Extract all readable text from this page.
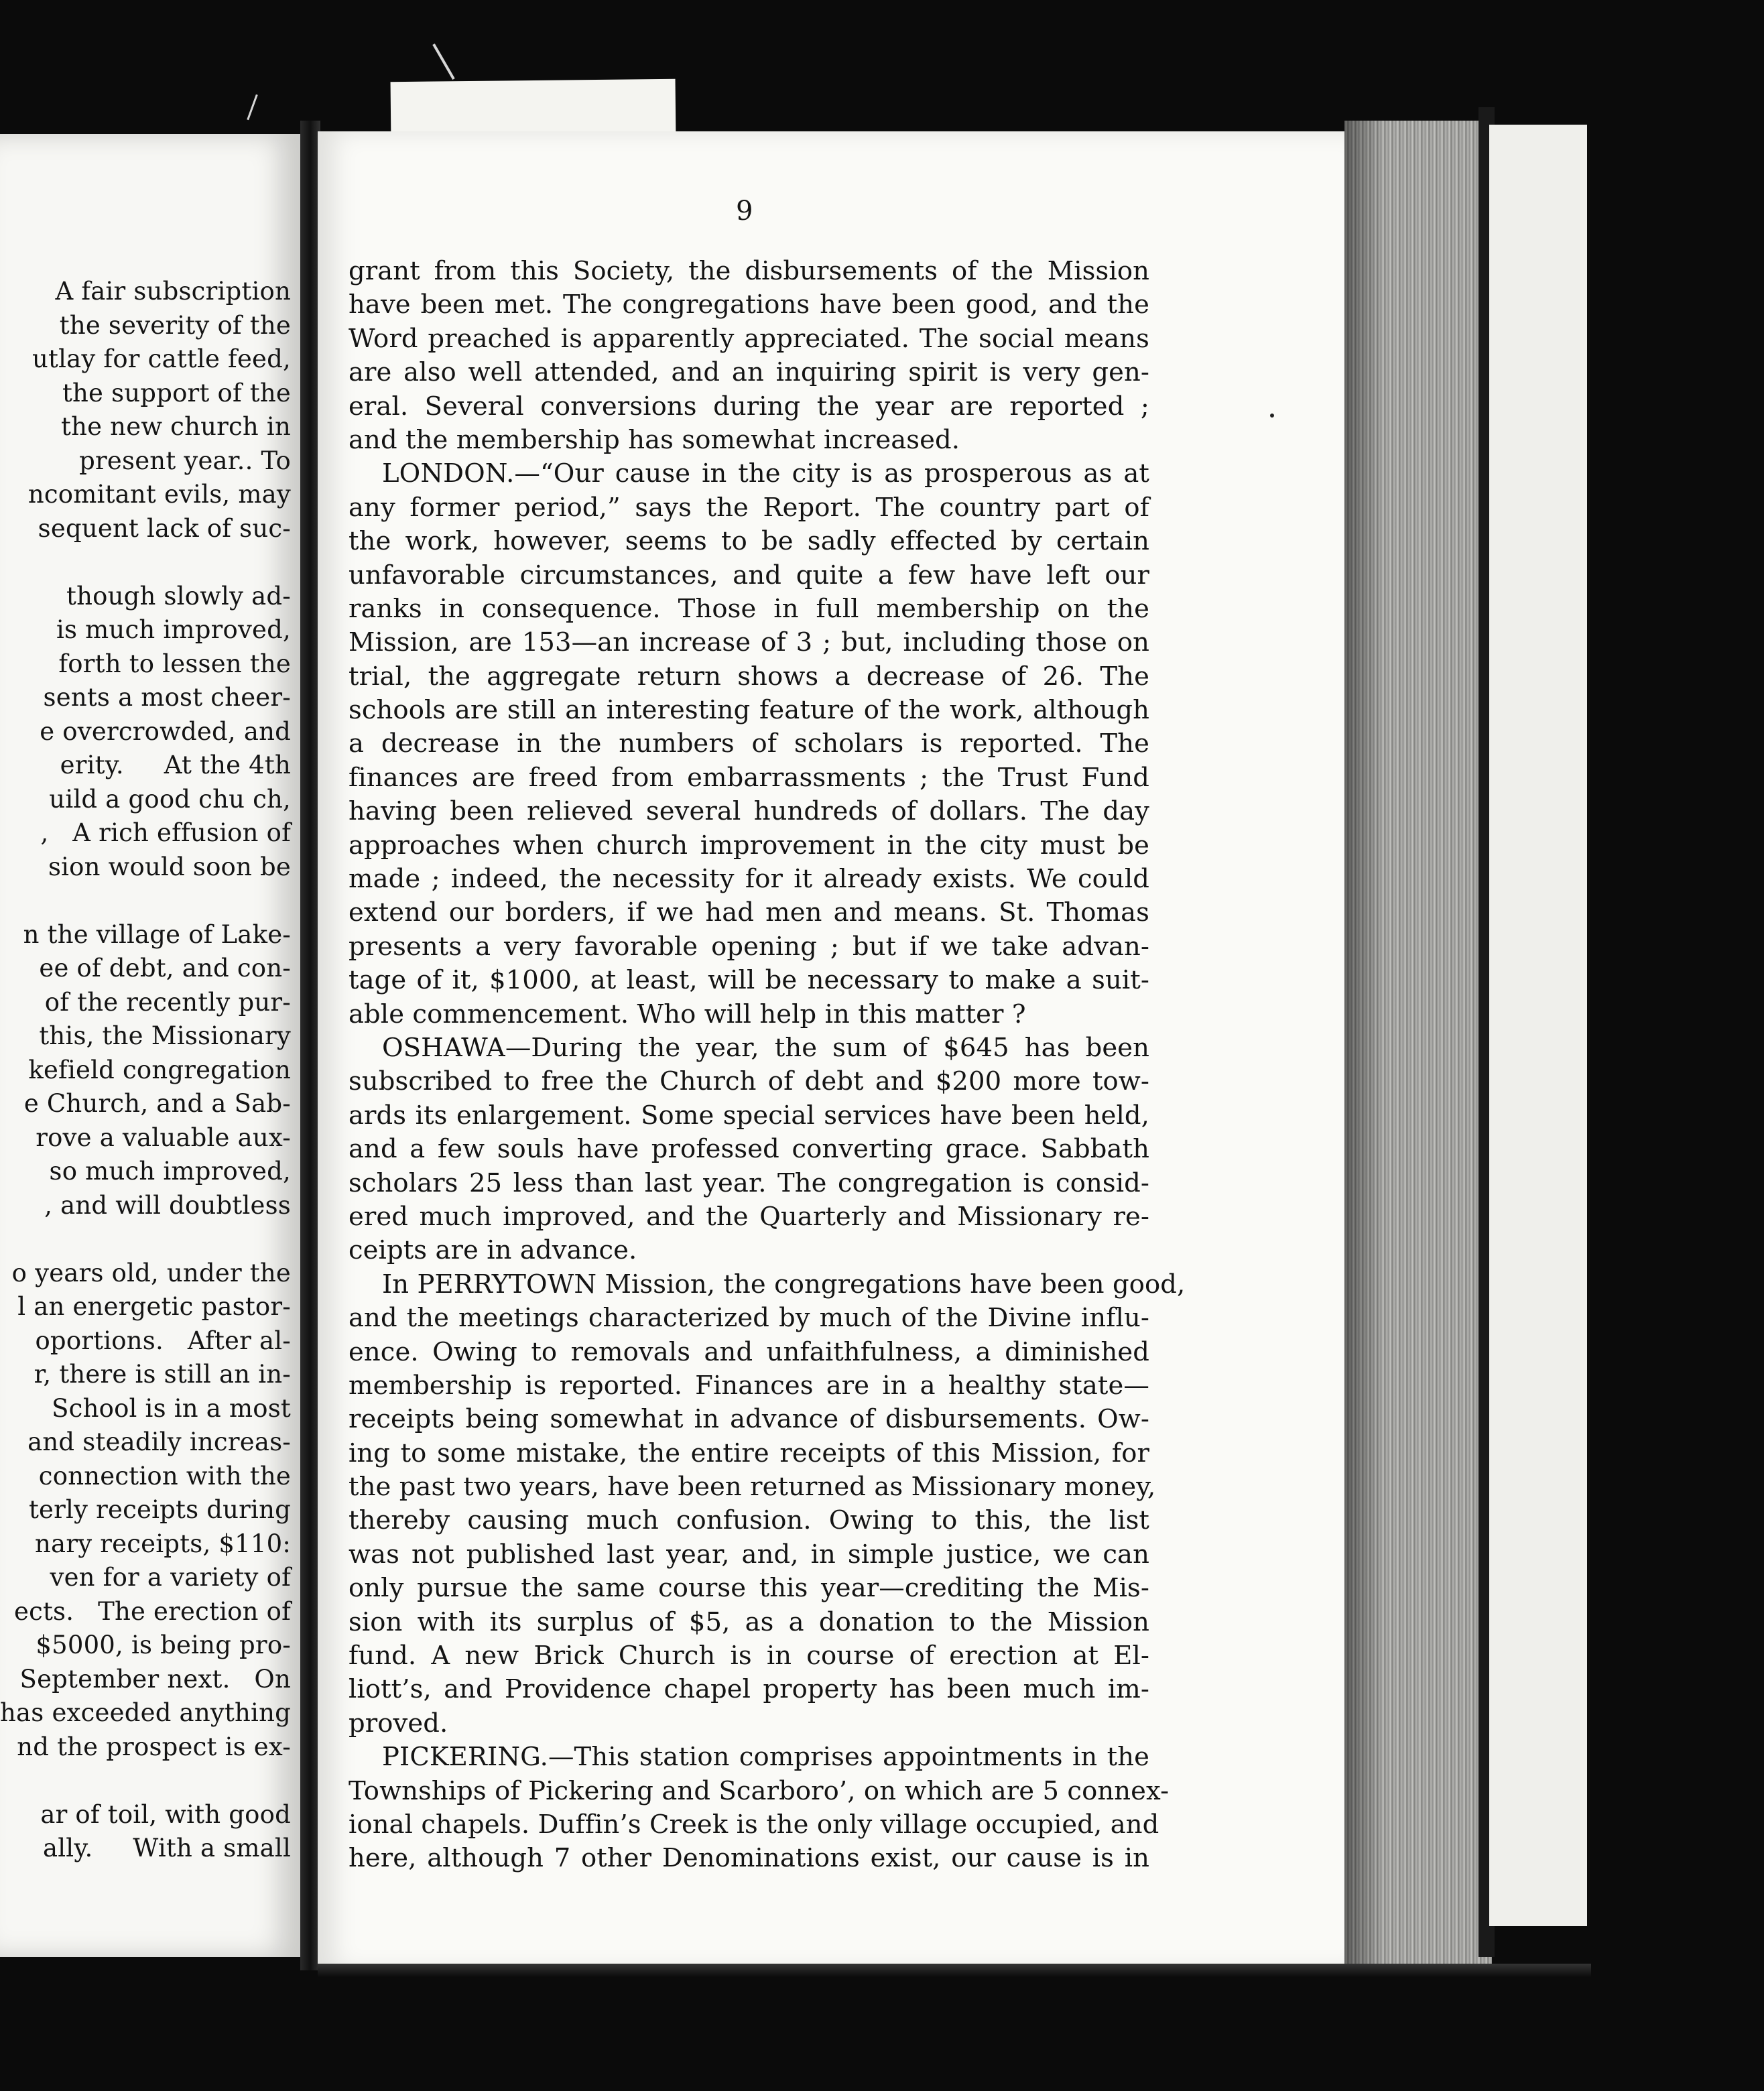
A fair subscription
the severity of the
utlay for cattle feed,
the support of the
the new church in
present year.. To
ncomitant evils, may
sequent lack of suc-
though slowly ad-
is much improved,
forth to lessen the
sents a most cheer-
e overcrowded, and
erity.     At the 4th
uild a good chu ch,
,   A rich effusion of
sion would soon be
n the village of Lake-
ee of debt, and con-
of the recently pur-
this, the Missionary
kefield congregation
e Church, and a Sab-
rove a valuable aux-
so much improved,
, and will doubtless
o years old, under the
l an energetic pastor-
oportions.   After al-
r, there is still an in-
School is in a most
and steadily increas-
connection with the
terly receipts during
nary receipts, $110:
ven for a variety of
ects.   The erection of
$5000, is being pro-
September next.   On
has exceeded anything
nd the prospect is ex-
ar of toil, with good
ally.     With a small
9
grant from this Society, the disbursements of the Mission
have been met. The congregations have been good, and the
Word preached is apparently appreciated. The social means
are also well attended, and an inquiring spirit is very gen-
eral. Several conversions during the year are reported ;
and the membership has somewhat increased.
LONDON.—“Our cause in the city is as prosperous as at
any former period,” says the Report. The country part of
the work, however, seems to be sadly effected by certain
unfavorable circumstances, and quite a few have left our
ranks in consequence. Those in full membership on the
Mission, are 153—an increase of 3 ; but, including those on
trial, the aggregate return shows a decrease of 26. The
schools are still an interesting feature of the work, although
a decrease in the numbers of scholars is reported. The
finances are freed from embarrassments ; the Trust Fund
having been relieved several hundreds of dollars. The day
approaches when church improvement in the city must be
made ; indeed, the necessity for it already exists. We could
extend our borders, if we had men and means. St. Thomas
presents a very favorable opening ; but if we take advan-
tage of it, $1000, at least, will be necessary to make a suit-
able commencement. Who will help in this matter ?
OSHAWA—During the year, the sum of $645 has been
subscribed to free the Church of debt and $200 more tow-
ards its enlargement. Some special services have been held,
and a few souls have professed converting grace. Sabbath
scholars 25 less than last year. The congregation is consid-
ered much improved, and the Quarterly and Missionary re-
ceipts are in advance.
In PERRYTOWN Mission, the congregations have been good,
and the meetings characterized by much of the Divine influ-
ence. Owing to removals and unfaithfulness, a diminished
membership is reported. Finances are in a healthy state—
receipts being somewhat in advance of disbursements. Ow-
ing to some mistake, the entire receipts of this Mission, for
the past two years, have been returned as Missionary money,
thereby causing much confusion. Owing to this, the list
was not published last year, and, in simple justice, we can
only pursue the same course this year—crediting the Mis-
sion with its surplus of $5, as a donation to the Mission
fund. A new Brick Church is in course of erection at El-
liott’s, and Providence chapel property has been much im-
proved.
PICKERING.—This station comprises appointments in the
Townships of Pickering and Scarboro’, on which are 5 connex-
ional chapels. Duffin’s Creek is the only village occupied, and
here, although 7 other Denominations exist, our cause is in
